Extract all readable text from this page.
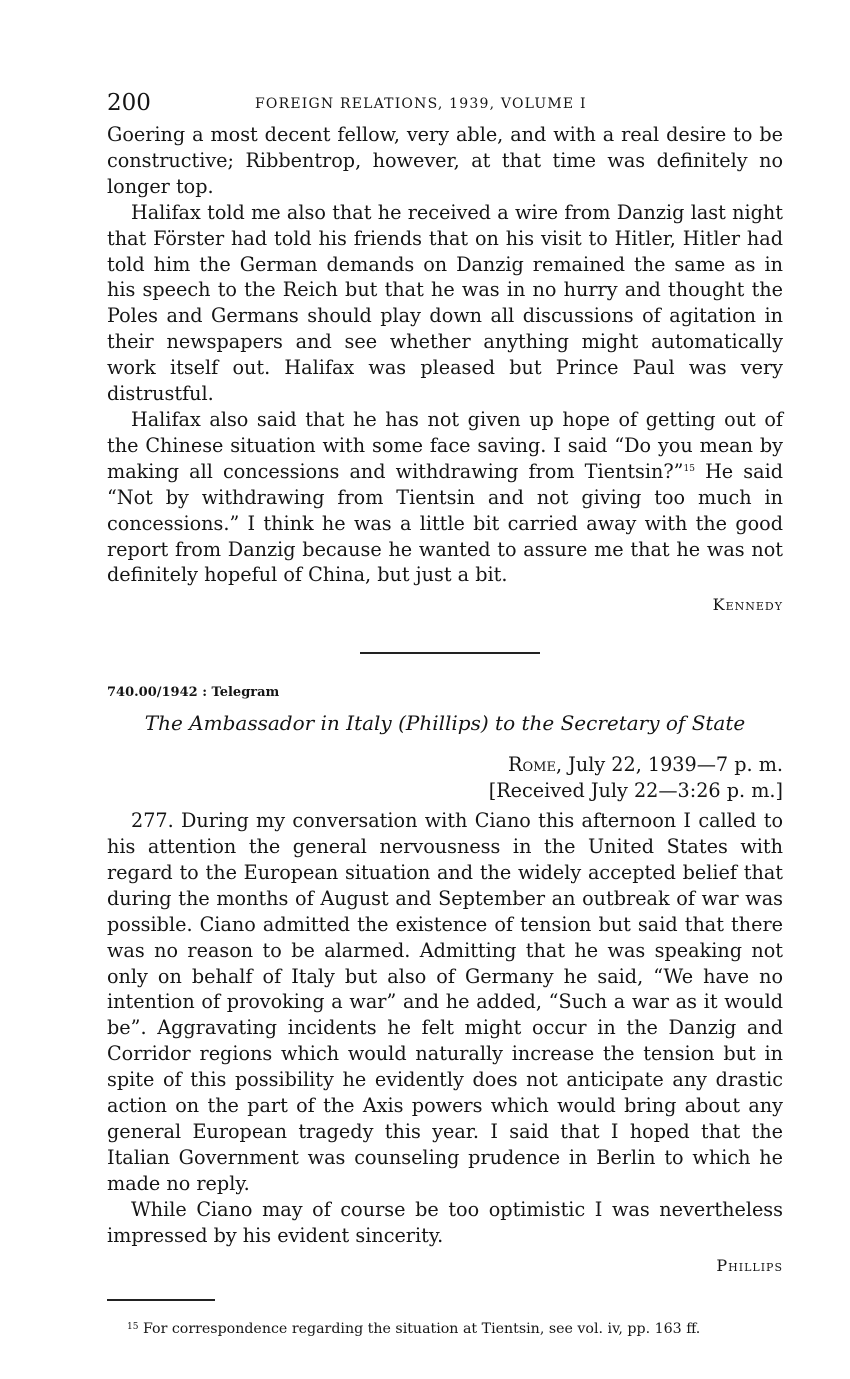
200	FOREIGN RELATIONS, 1939, VOLUME I

Goering a most decent fellow, very able, and with a real desire to be constructive; Ribbentrop, however, at that time was definitely no longer top.

Halifax told me also that he received a wire from Danzig last night that Förster had told his friends that on his visit to Hitler, Hitler had told him the German demands on Danzig remained the same as in his speech to the Reich but that he was in no hurry and thought the Poles and Germans should play down all discussions of agitation in their newspapers and see whether anything might automatically work itself out. Halifax was pleased but Prince Paul was very distrustful.

Halifax also said that he has not given up hope of getting out of the Chinese situation with some face saving. I said “Do you mean by making all concessions and withdrawing from Tientsin?”$^{15}$ He said “Not by withdrawing from Tientsin and not giving too much in concessions.” I think he was a little bit carried away with the good report from Danzig because he wanted to assure me that he was not definitely hopeful of China, but just a bit.

Kennedy
740.00/1942 : Telegram
The Ambassador in Italy (Phillips) to the Secretary of State
Rome, July 22, 1939—7 p. m.
[Received July 22—3:26 p. m.]

277. During my conversation with Ciano this afternoon I called to his attention the general nervousness in the United States with regard to the European situation and the widely accepted belief that during the months of August and September an outbreak of war was possible. Ciano admitted the existence of tension but said that there was no reason to be alarmed. Admitting that he was speaking not only on behalf of Italy but also of Germany he said, “We have no intention of provoking a war” and he added, “Such a war as it would be”. Aggravating incidents he felt might occur in the Danzig and Corridor regions which would naturally increase the tension but in spite of this possibility he evidently does not anticipate any drastic action on the part of the Axis powers which would bring about any general European tragedy this year. I said that I hoped that the Italian Government was counseling prudence in Berlin to which he made no reply.

While Ciano may of course be too optimistic I was nevertheless impressed by his evident sincerity.

Phillips
$^{15}$ For correspondence regarding the situation at Tientsin, see vol. iv, pp. 163 ff.
